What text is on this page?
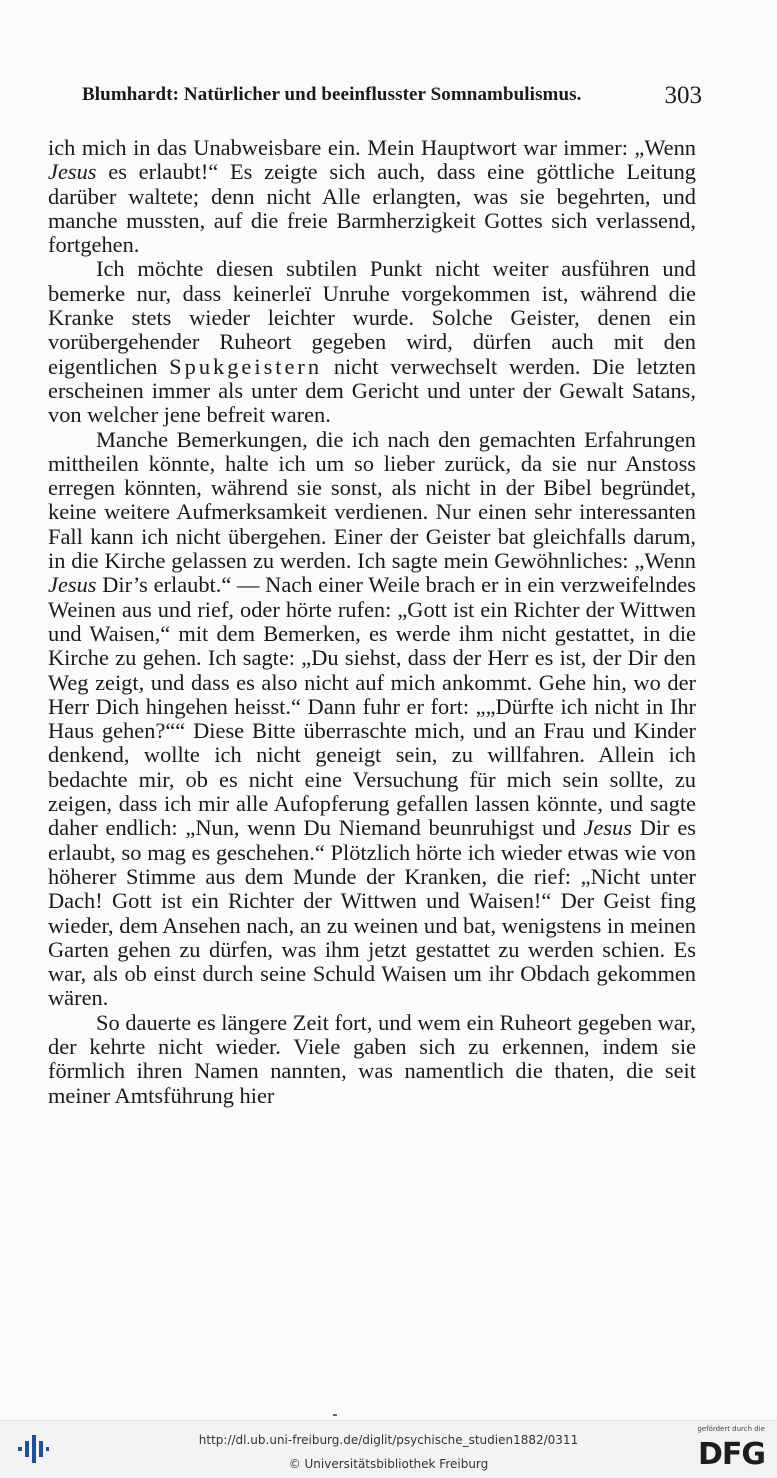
Blumhardt: Natürlicher und beeinflusster Somnambulismus.	303

ich mich in das Unabweisbare ein. Mein Hauptwort war immer: „Wenn Jesus es erlaubt!“ Es zeigte sich auch, dass eine göttliche Leitung darüber waltete; denn nicht Alle erlangten, was sie begehrten, und manche mussten, auf die freie Barmherzigkeit Gottes sich verlassend, fortgehen.

Ich möchte diesen subtilen Punkt nicht weiter ausführen und bemerke nur, dass keinerleï Unruhe vorgekommen ist, während die Kranke stets wieder leichter wurde. Solche Geister, denen ein vorübergehender Ruheort gegeben wird, dürfen auch mit den eigentlichen Spukgeistern nicht verwechselt werden. Die letzten erscheinen immer als unter dem Gericht und unter der Gewalt Satans, von welcher jene befreit waren.

Manche Bemerkungen, die ich nach den gemachten Erfahrungen mittheilen könnte, halte ich um so lieber zurück, da sie nur Anstoss erregen könnten, während sie sonst, als nicht in der Bibel begründet, keine weitere Aufmerksamkeit verdienen. Nur einen sehr interessanten Fall kann ich nicht übergehen. Einer der Geister bat gleichfalls darum, in die Kirche gelassen zu werden. Ich sagte mein Gewöhnliches: „Wenn Jesus Dir’s erlaubt.“ — Nach einer Weile brach er in ein verzweifelndes Weinen aus und rief, oder hörte rufen: „Gott ist ein Richter der Wittwen und Waisen,“ mit dem Bemerken, es werde ihm nicht gestattet, in die Kirche zu gehen. Ich sagte: „Du siehst, dass der Herr es ist, der Dir den Weg zeigt, und dass es also nicht auf mich ankommt. Gehe hin, wo der Herr Dich hingehen heisst.“ Dann fuhr er fort: „„Dürfte ich nicht in Ihr Haus gehen?““ Diese Bitte überraschte mich, und an Frau und Kinder denkend, wollte ich nicht geneigt sein, zu willfahren. Allein ich bedachte mir, ob es nicht eine Versuchung für mich sein sollte, zu zeigen, dass ich mir alle Aufopferung gefallen lassen könnte, und sagte daher endlich: „Nun, wenn Du Niemand beunruhigst und Jesus Dir es erlaubt, so mag es geschehen.“ Plötzlich hörte ich wieder etwas wie von höherer Stimme aus dem Munde der Kranken, die rief: „Nicht unter Dach! Gott ist ein Richter der Wittwen und Waisen!“ Der Geist fing wieder, dem Ansehen nach, an zu weinen und bat, wenigstens in meinen Garten gehen zu dürfen, was ihm jetzt gestattet zu werden schien. Es war, als ob einst durch seine Schuld Waisen um ihr Obdach gekommen wären.

So dauerte es längere Zeit fort, und wem ein Ruheort gegeben war, der kehrte nicht wieder. Viele gaben sich zu erkennen, indem sie förmlich ihren Namen nannten, was namentlich die thaten, die seit meiner Amtsführung hier

http://dl.ub.uni-freiburg.de/diglit/psychische_studien1882/0311
© Universitätsbibliothek Freiburg
gefördert durch die
DFG
